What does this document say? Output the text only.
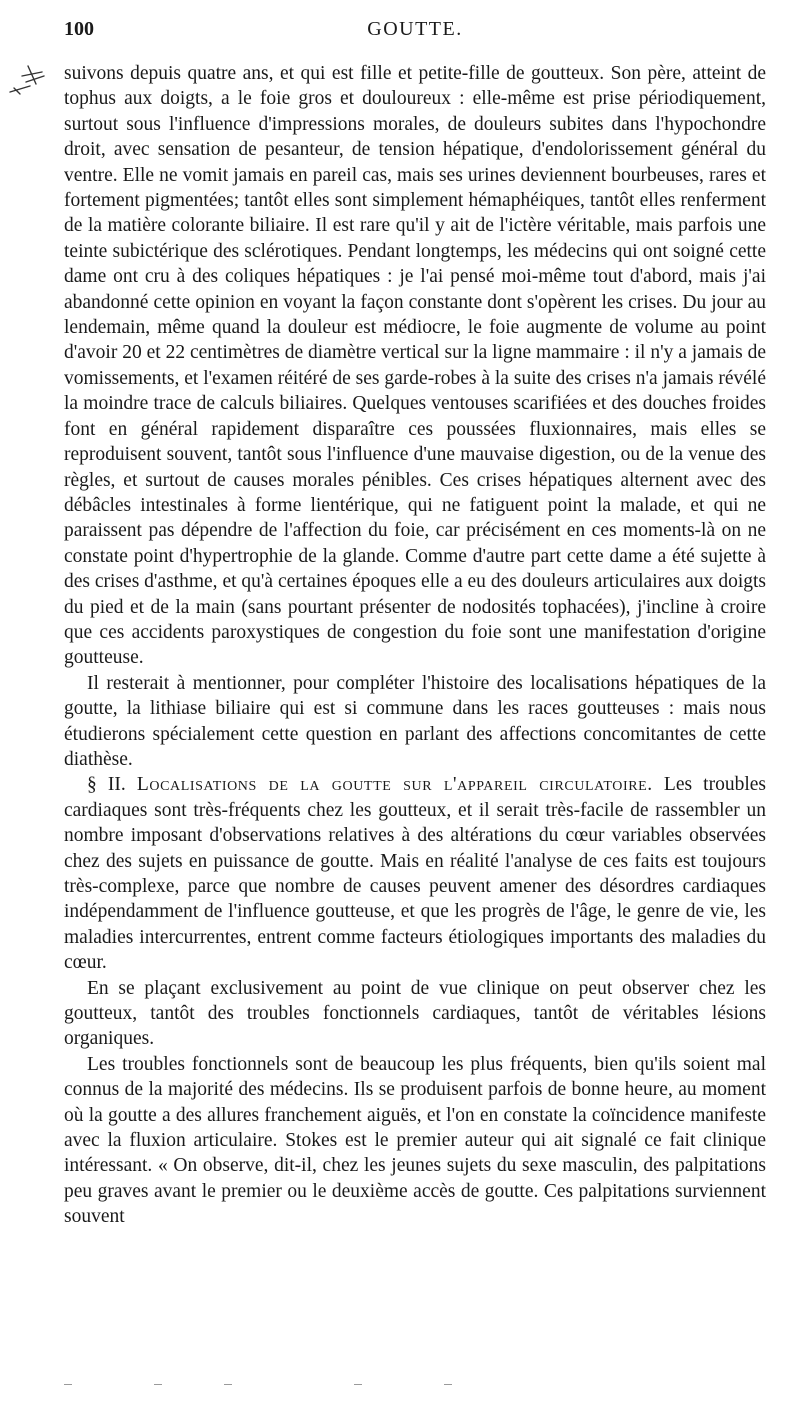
100	GOUTTE.

suivons depuis quatre ans, et qui est fille et petite-fille de goutteux. Son père, atteint de tophus aux doigts, a le foie gros et douloureux : elle-même est prise périodiquement, surtout sous l'influence d'impressions morales, de douleurs subites dans l'hypochondre droit, avec sensation de pesanteur, de tension hépatique, d'endolorissement général du ventre. Elle ne vomit jamais en pareil cas, mais ses urines deviennent bourbeuses, rares et fortement pigmentées; tantôt elles sont simplement hémaphéiques, tantôt elles renferment de la matière colorante biliaire. Il est rare qu'il y ait de l'ictère véritable, mais parfois une teinte subictérique des sclérotiques. Pendant longtemps, les médecins qui ont soigné cette dame ont cru à des coliques hépatiques : je l'ai pensé moi-même tout d'abord, mais j'ai abandonné cette opinion en voyant la façon constante dont s'opèrent les crises. Du jour au lendemain, même quand la douleur est médiocre, le foie augmente de volume au point d'avoir 20 et 22 centimètres de diamètre vertical sur la ligne mammaire : il n'y a jamais de vomissements, et l'examen réitéré de ses garde-robes à la suite des crises n'a jamais révélé la moindre trace de calculs biliaires. Quelques ventouses scarifiées et des douches froides font en général rapidement disparaître ces poussées fluxionnaires, mais elles se reproduisent souvent, tantôt sous l'influence d'une mauvaise digestion, ou de la venue des règles, et surtout de causes morales pénibles. Ces crises hépatiques alternent avec des débâcles intestinales à forme lientérique, qui ne fatiguent point la malade, et qui ne paraissent pas dépendre de l'affection du foie, car précisément en ces moments-là on ne constate point d'hypertrophie de la glande. Comme d'autre part cette dame a été sujette à des crises d'asthme, et qu'à certaines époques elle a eu des douleurs articulaires aux doigts du pied et de la main (sans pourtant présenter de nodosités tophacées), j'incline à croire que ces accidents paroxystiques de congestion du foie sont une manifestation d'origine goutteuse.

Il resterait à mentionner, pour compléter l'histoire des localisations hépatiques de la goutte, la lithiase biliaire qui est si commune dans les races goutteuses : mais nous étudierons spécialement cette question en parlant des affections concomitantes de cette diathèse.

§ II. Localisations de la goutte sur l'appareil circulatoire. Les troubles cardiaques sont très-fréquents chez les goutteux, et il serait très-facile de rassembler un nombre imposant d'observations relatives à des altérations du cœur variables observées chez des sujets en puissance de goutte. Mais en réalité l'analyse de ces faits est toujours très-complexe, parce que nombre de causes peuvent amener des désordres cardiaques indépendamment de l'influence goutteuse, et que les progrès de l'âge, le genre de vie, les maladies intercurrentes, entrent comme facteurs étiologiques importants des maladies du cœur.

En se plaçant exclusivement au point de vue clinique on peut observer chez les goutteux, tantôt des troubles fonctionnels cardiaques, tantôt de véritables lésions organiques.

Les troubles fonctionnels sont de beaucoup les plus fréquents, bien qu'ils soient mal connus de la majorité des médecins. Ils se produisent parfois de bonne heure, au moment où la goutte a des allures franchement aiguës, et l'on en constate la coïncidence manifeste avec la fluxion articulaire. Stokes est le premier auteur qui ait signalé ce fait clinique intéressant. « On observe, dit-il, chez les jeunes sujets du sexe masculin, des palpitations peu graves avant le premier ou le deuxième accès de goutte. Ces palpitations surviennent souvent
